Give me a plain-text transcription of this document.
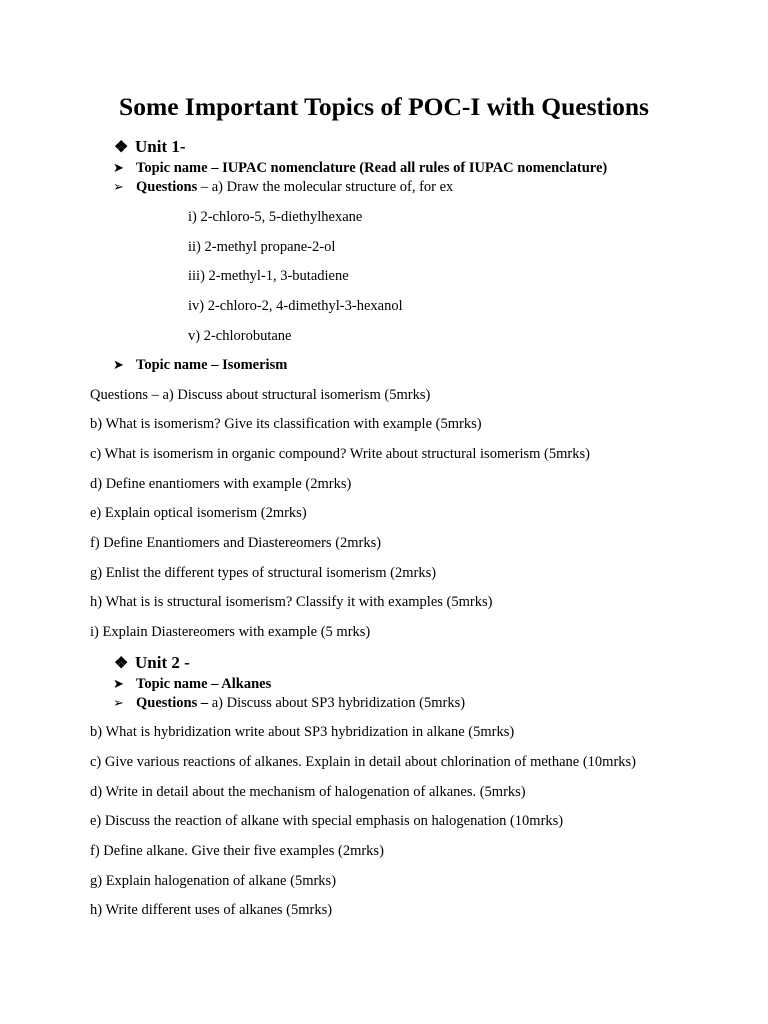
Some Important Topics of POC-I with Questions
❖ Unit 1-
➤ Topic name – IUPAC nomenclature (Read all rules of IUPAC nomenclature)
➢ Questions – a) Draw the molecular structure of, for ex
i) 2-chloro-5, 5-diethylhexane
ii) 2-methyl propane-2-ol
iii) 2-methyl-1, 3-butadiene
iv) 2-chloro-2, 4-dimethyl-3-hexanol
v) 2-chlorobutane
➤ Topic name – Isomerism
Questions – a) Discuss about structural isomerism (5mrks)
b) What is isomerism? Give its classification with example (5mrks)
c) What is isomerism in organic compound? Write about structural isomerism (5mrks)
d) Define enantiomers with example (2mrks)
e) Explain optical isomerism (2mrks)
f) Define Enantiomers and Diastereomers (2mrks)
g) Enlist the different types of structural isomerism (2mrks)
h) What is is structural isomerism? Classify it with examples (5mrks)
i) Explain Diastereomers with example (5 mrks)
❖ Unit 2 -
➤ Topic name – Alkanes
➢ Questions – a) Discuss about SP3 hybridization (5mrks)
b) What is hybridization write about SP3 hybridization in alkane (5mrks)
c) Give various reactions of alkanes. Explain in detail about chlorination of methane (10mrks)
d) Write in detail about the mechanism of halogenation of alkanes. (5mrks)
e) Discuss the reaction of alkane with special emphasis on halogenation (10mrks)
f) Define alkane. Give their five examples (2mrks)
g) Explain halogenation of alkane (5mrks)
h) Write different uses of alkanes (5mrks)
